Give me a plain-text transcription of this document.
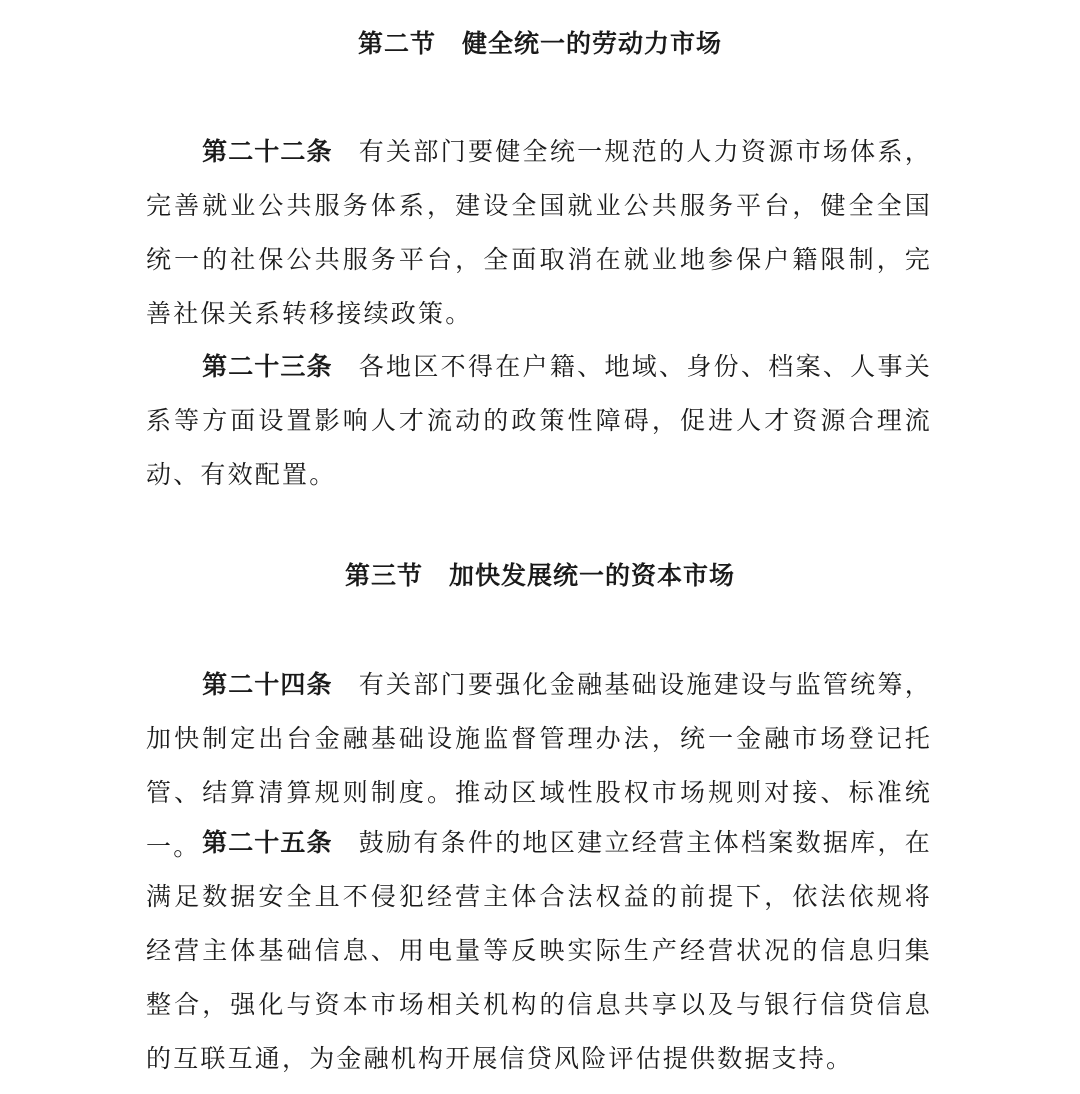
第二节　健全统一的劳动力市场

第二十二条 有关部门要健全统一规范的人力资源市场体系，完善就业公共服务体系，建设全国就业公共服务平台，健全全国统一的社保公共服务平台，全面取消在就业地参保户籍限制，完善社保关系转移接续政策。

第二十三条 各地区不得在户籍、地域、身份、档案、人事关系等方面设置影响人才流动的政策性障碍，促进人才资源合理流动、有效配置。

第三节　加快发展统一的资本市场

第二十四条 有关部门要强化金融基础设施建设与监管统筹，加快制定出台金融基础设施监督管理办法，统一金融市场登记托管、结算清算规则制度。推动区域性股权市场规则对接、标准统一。 第二十五条 鼓励有条件的地区建立经营主体档案数据库，在满足数据安全且不侵犯经营主体合法权益的前提下，依法依规将经营主体基础信息、用电量等反映实际生产经营状况的信息归集整合，强化与资本市场相关机构的信息共享以及与银行信贷信息的互联互通，为金融机构开展信贷风险评估提供数据支持。
